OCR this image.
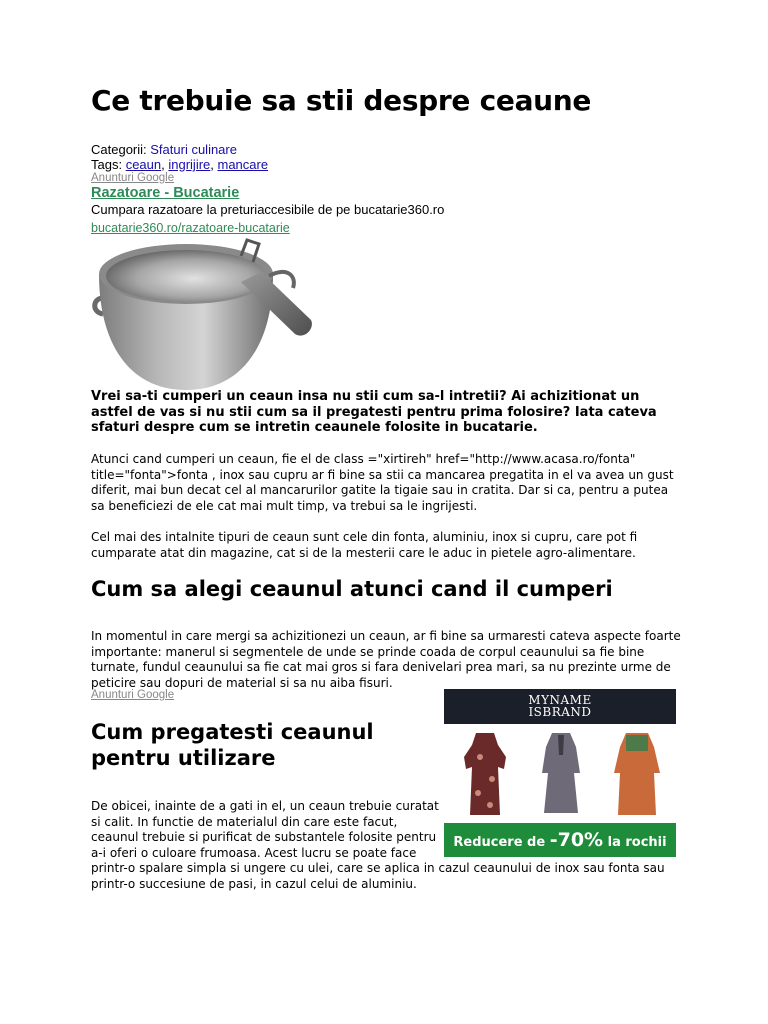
Ce trebuie sa stii despre ceaune
Categorii: Sfaturi culinare
Tags: ceaun, ingrijire, mancare
Anunturi Google
Razatoare - Bucatarie
Cumpara razatoare la preturiaccesibile de pe bucatarie360.ro
bucatarie360.ro/razatoare-bucatarie

Vrei sa-ti cumperi un ceaun insa nu stii cum sa-l intretii? Ai achizitionat un astfel de vas si nu stii cum sa il pregatesti pentru prima folosire? Iata cateva sfaturi despre cum se intretin ceaunele folosite in bucatarie.

Atunci cand cumperi un ceaun, fie el de class ="xirtireh" href="http://www.acasa.ro/fonta" title="fonta">fonta , inox sau cupru ar fi bine sa stii ca mancarea pregatita in el va avea un gust diferit, mai bun decat cel al mancarurilor gatite la tigaie sau in cratita. Dar si ca, pentru a putea sa beneficiezi de ele cat mai mult timp, va trebui sa le ingrijesti.

Cel mai des intalnite tipuri de ceaun sunt cele din fonta, aluminiu, inox si cupru, care pot fi cumparate atat din magazine, cat si de la mesterii care le aduc in pietele agro-alimentare.

Cum sa alegi ceaunul atunci cand il cumperi

In momentul in care mergi sa achizitionezi un ceaun, ar fi bine sa urmaresti cateva aspecte foarte importante: manerul si segmentele de unde se prinde coada de corpul ceaunului sa fie bine turnate, fundul ceaunului sa fie cat mai gros si fara denivelari prea mari, sa nu prezinte urme de peticire sau dopuri de material si sa nu aiba fisuri.

Anunturi Google
Cum pregatesti ceaunul
pentru utilizare
De obicei, inainte de a gati in el, un ceaun trebuie curatat
si calit. In functie de materialul din care este facut,
ceaunul trebuie si purificat de substantele folosite pentru
a-i oferi o culoare frumoasa. Acest lucru se poate face
printr-o spalare simpla si ungere cu ulei, care se aplica in cazul ceaunului de inox sau fonta sau
printr-o succesiune de pasi, in cazul celui de aluminiu.
MYNAME
ISBRAND
Reducere de -70% la rochii
